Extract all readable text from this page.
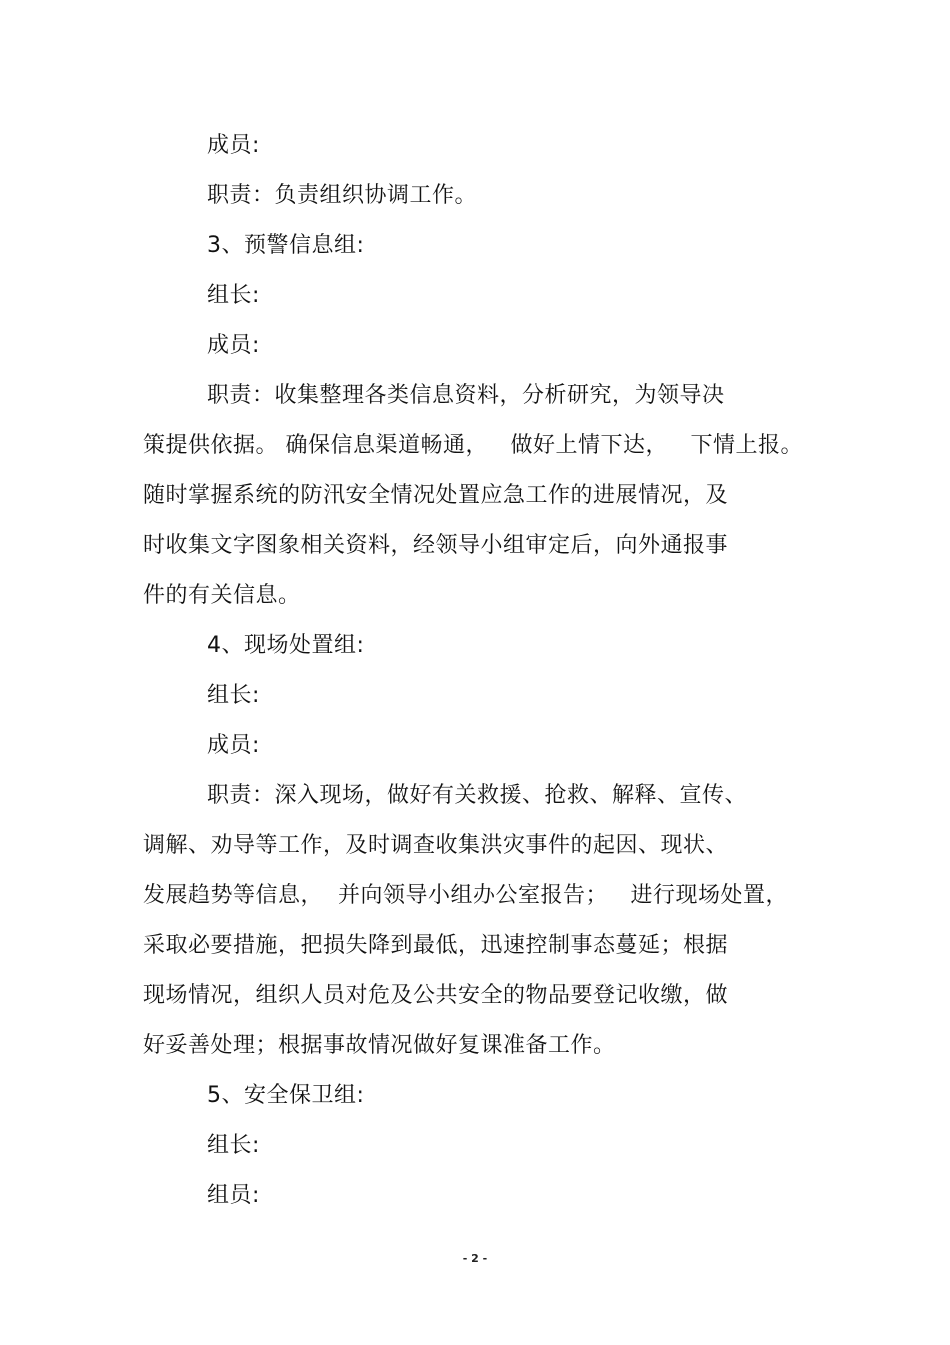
成员:
职责：负责组织协调工作。
3、预警信息组:
组长:
成员:
职责：收集整理各类信息资料，分析研究，为领导决
策提供依据。 确保信息渠道畅通，   做好上情下达，   下情上报。
随时掌握系统的防汛安全情况处置应急工作的进展情况，及
时收集文字图象相关资料，经领导小组审定后，向外通报事
件的有关信息。
4、现场处置组:
组长:
成员:
职责：深入现场，做好有关救援、抢救、解释、宣传、
调解、劝导等工作，及时调查收集洪灾事件的起因、现状、
发展趋势等信息，  并向领导小组办公室报告；   进行现场处置，
采取必要措施，把损失降到最低，迅速控制事态蔓延；根据
现场情况，组织人员对危及公共安全的物品要登记收缴，做
好妥善处理；根据事故情况做好复课准备工作。
5、安全保卫组:
组长:
组员:
- 2 -
